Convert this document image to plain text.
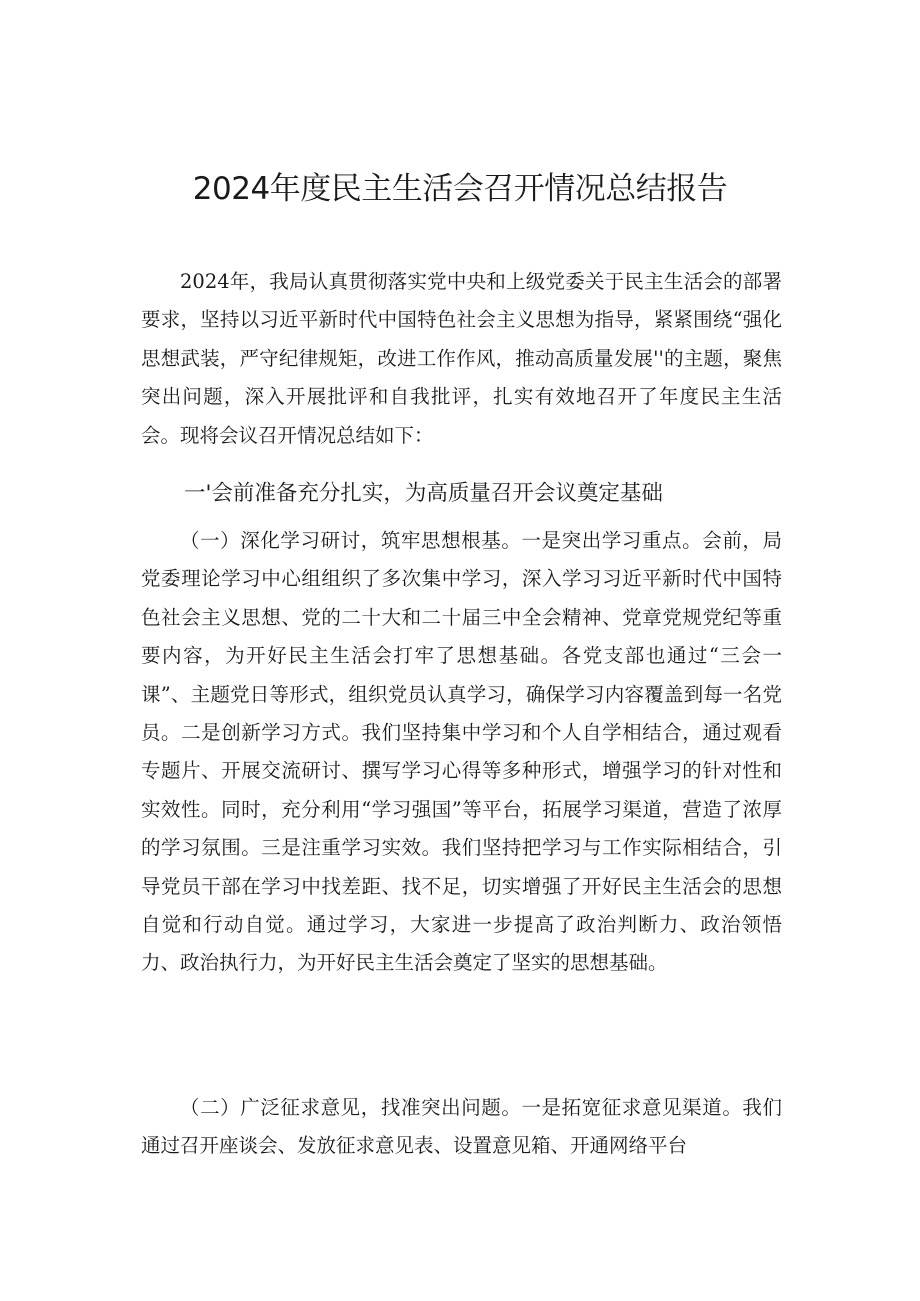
2024年度民主生活会召开情况总结报告

2024年，我局认真贯彻落实党中央和上级党委关于民主生活会的部署要求，坚持以习近平新时代中国特色社会主义思想为指导，紧紧围绕“强化思想武装，严守纪律规矩，改进工作作风，推动高质量发展''的主题，聚焦突出问题，深入开展批评和自我批评，扎实有效地召开了年度民主生活会。现将会议召开情况总结如下：

一'会前准备充分扎实，为高质量召开会议奠定基础

（一）深化学习研讨，筑牢思想根基。一是突出学习重点。会前，局党委理论学习中心组组织了多次集中学习，深入学习习近平新时代中国特色社会主义思想、党的二十大和二十届三中全会精神、党章党规党纪等重要内容，为开好民主生活会打牢了思想基础。各党支部也通过“三会一课”、主题党日等形式，组织党员认真学习，确保学习内容覆盖到每一名党员。二是创新学习方式。我们坚持集中学习和个人自学相结合，通过观看专题片、开展交流研讨、撰写学习心得等多种形式，增强学习的针对性和实效性。同时，充分利用“学习强国”等平台，拓展学习渠道，营造了浓厚的学习氛围。三是注重学习实效。我们坚持把学习与工作实际相结合，引导党员干部在学习中找差距、找不足，切实增强了开好民主生活会的思想自觉和行动自觉。通过学习，大家进一步提高了政治判断力、政治领悟力、政治执行力，为开好民主生活会奠定了坚实的思想基础。

（二）广泛征求意见，找准突出问题。一是拓宽征求意见渠道。我们通过召开座谈会、发放征求意见表、设置意见箱、开通网络平台
